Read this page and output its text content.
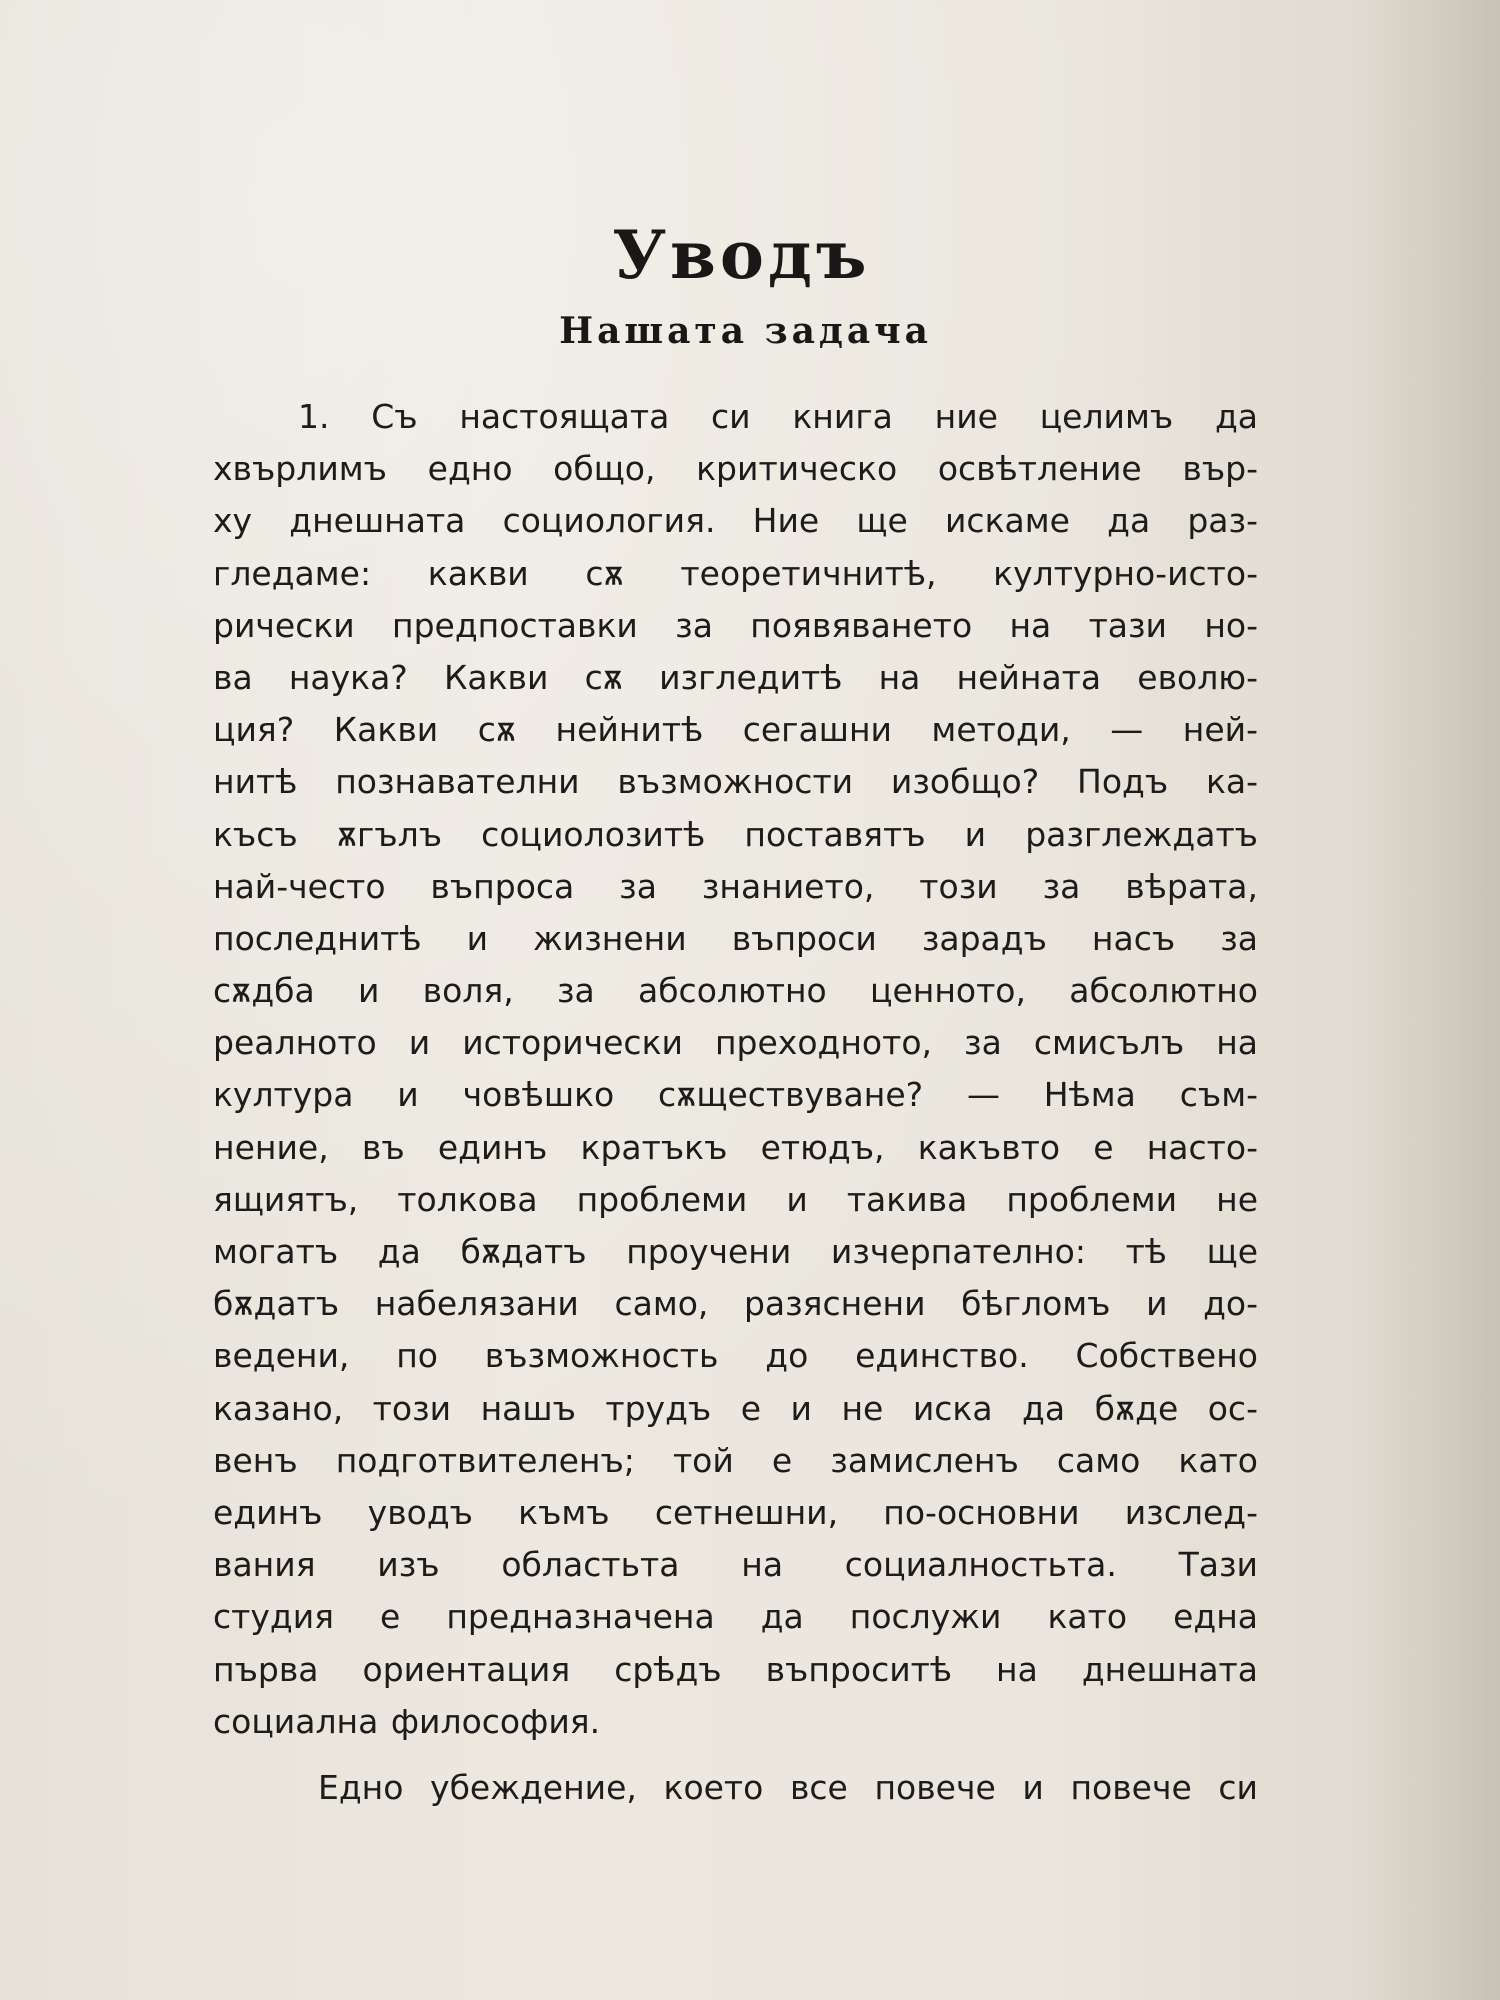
Уводъ
Нашата задача
1. Съ настоящата си книга ние целимъ да
хвърлимъ едно общо, критическо освѣтление вър-
ху днешната социология. Ние ще искаме да раз-
гледаме: какви сѫ теоретичнитѣ, културно-исто-
рически предпоставки за появяването на тази но-
ва наука? Какви сѫ изгледитѣ на нейната еволю-
ция? Какви сѫ нейнитѣ сегашни методи, — ней-
нитѣ познавателни възможности изобщо? Подъ ка-
късъ ѫгълъ социолозитѣ поставятъ и разглеждатъ
най-често въпроса за знанието, този за вѣрата,
последнитѣ и жизнени въпроси зарадъ насъ за
сѫдба и воля, за абсолютно ценното, абсолютно
реалното и исторически преходното, за смисълъ на
култура и човѣшко сѫществуване? — Нѣма съм-
нение, въ единъ кратъкъ етюдъ, какъвто е насто-
ящиятъ, толкова проблеми и такива проблеми не
могатъ да бѫдатъ проучени изчерпателно: тѣ ще
бѫдатъ набелязани само, разяснени бѣгломъ и до-
ведени, по възможность до единство. Собствено
казано, този нашъ трудъ е и не иска да бѫде ос-
венъ подготвителенъ; той е замисленъ само като
единъ уводъ къмъ сетнешни, по-основни изслед-
вания изъ областьта на социалностьта. Тази
студия е предназначена да послужи като една
първа ориентация срѣдъ въпроситѣ на днешната
социална философия.
Едно убеждение, което все повече и повече си
